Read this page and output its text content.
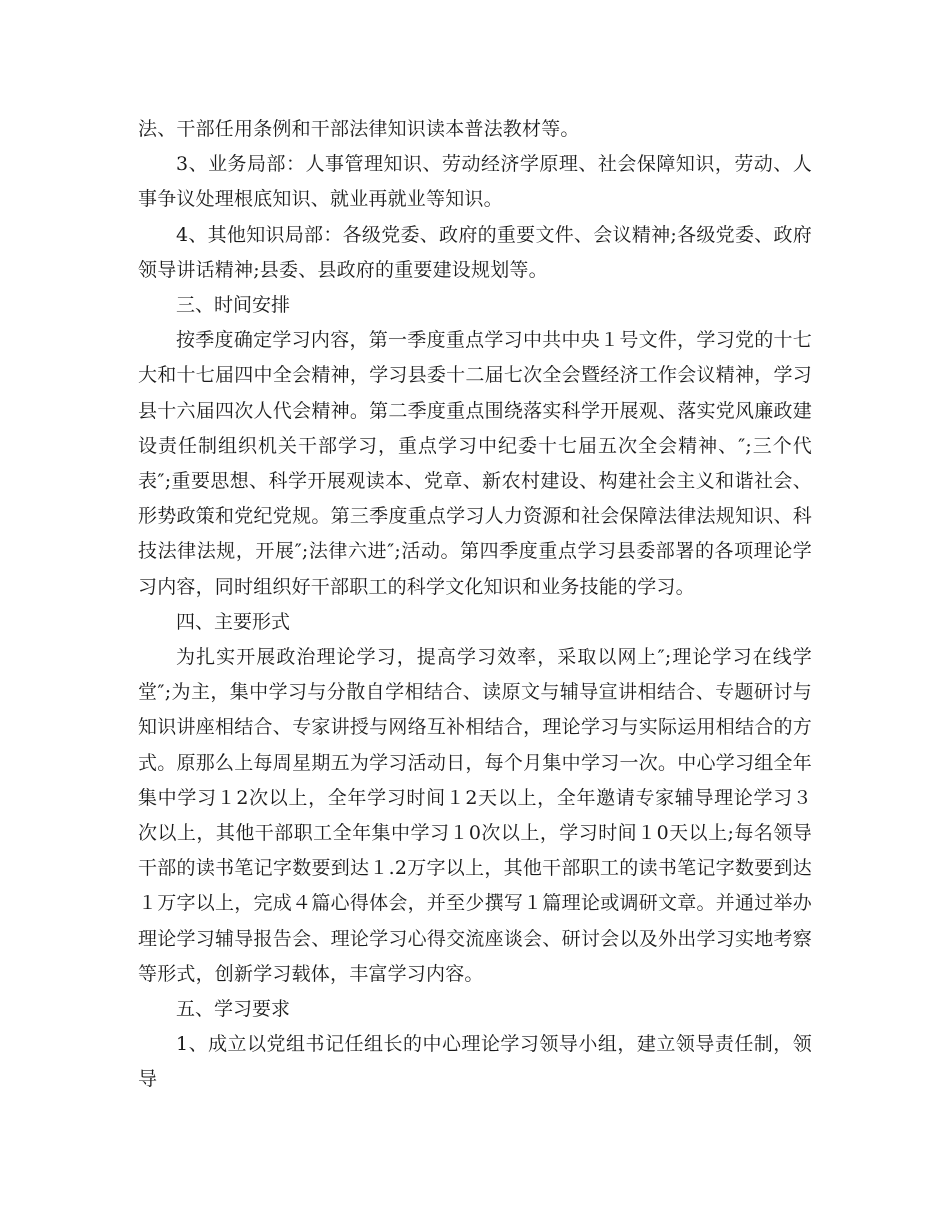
法、干部任用条例和干部法律知识读本普法教材等。

3、业务局部：人事管理知识、劳动经济学原理、社会保障知识，劳动、人事争议处理根底知识、就业再就业等知识。

4、其他知识局部：各级党委、政府的重要文件、会议精神;各级党委、政府领导讲话精神;县委、县政府的重要建设规划等。

三、时间安排

按季度确定学习内容，第一季度重点学习中共中央１号文件，学习党的十七大和十七届四中全会精神，学习县委十二届七次全会暨经济工作会议精神，学习县十六届四次人代会精神。第二季度重点围绕落实科学开展观、落实党风廉政建设责任制组织机关干部学习，重点学习中纪委十七届五次全会精神、″;三个代表″;重要思想、科学开展观读本、党章、新农村建设、构建社会主义和谐社会、形势政策和党纪党规。第三季度重点学习人力资源和社会保障法律法规知识、科技法律法规，开展″;法律六进″;活动。第四季度重点学习县委部署的各项理论学习内容，同时组织好干部职工的科学文化知识和业务技能的学习。

四、主要形式

为扎实开展政治理论学习，提高学习效率，采取以网上″;理论学习在线学堂″;为主，集中学习与分散自学相结合、读原文与辅导宣讲相结合、专题研讨与知识讲座相结合、专家讲授与网络互补相结合，理论学习与实际运用相结合的方式。原那么上每周星期五为学习活动日，每个月集中学习一次。中心学习组全年集中学习１2次以上，全年学习时间１2天以上，全年邀请专家辅导理论学习３次以上，其他干部职工全年集中学习１0次以上，学习时间１0天以上;每名领导干部的读书笔记字数要到达１.2万字以上，其他干部职工的读书笔记字数要到达１万字以上，完成４篇心得体会，并至少撰写１篇理论或调研文章。并通过举办理论学习辅导报告会、理论学习心得交流座谈会、研讨会以及外出学习实地考察等形式，创新学习载体，丰富学习内容。

五、学习要求

1、成立以党组书记任组长的中心理论学习领导小组，建立领导责任制，领导
